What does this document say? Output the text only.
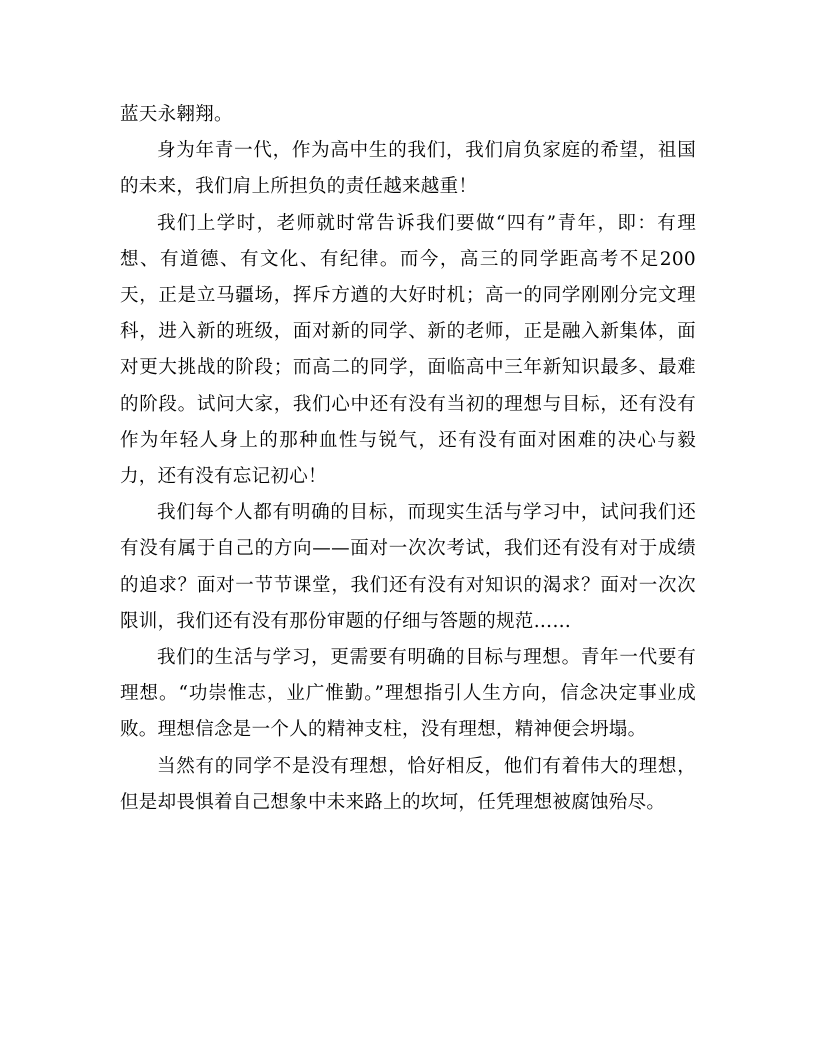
蓝天永翱翔。

身为年青一代，作为高中生的我们，我们肩负家庭的希望，祖国的未来，我们肩上所担负的责任越来越重！

我们上学时，老师就时常告诉我们要做“四有”青年，即：有理想、有道德、有文化、有纪律。而今，高三的同学距高考不足200天，正是立马疆场，挥斥方遒的大好时机；高一的同学刚刚分完文理科，进入新的班级，面对新的同学、新的老师，正是融入新集体，面对更大挑战的阶段；而高二的同学，面临高中三年新知识最多、最难的阶段。试问大家，我们心中还有没有当初的理想与目标，还有没有作为年轻人身上的那种血性与锐气，还有没有面对困难的决心与毅力，还有没有忘记初心！

我们每个人都有明确的目标，而现实生活与学习中，试问我们还有没有属于自己的方向——面对一次次考试，我们还有没有对于成绩的追求？面对一节节课堂，我们还有没有对知识的渴求？面对一次次限训，我们还有没有那份审题的仔细与答题的规范……

我们的生活与学习，更需要有明确的目标与理想。青年一代要有理想。“功崇惟志，业广惟勤。”理想指引人生方向，信念决定事业成败。理想信念是一个人的精神支柱，没有理想，精神便会坍塌。

当然有的同学不是没有理想，恰好相反，他们有着伟大的理想，但是却畏惧着自己想象中未来路上的坎坷，任凭理想被腐蚀殆尽。
